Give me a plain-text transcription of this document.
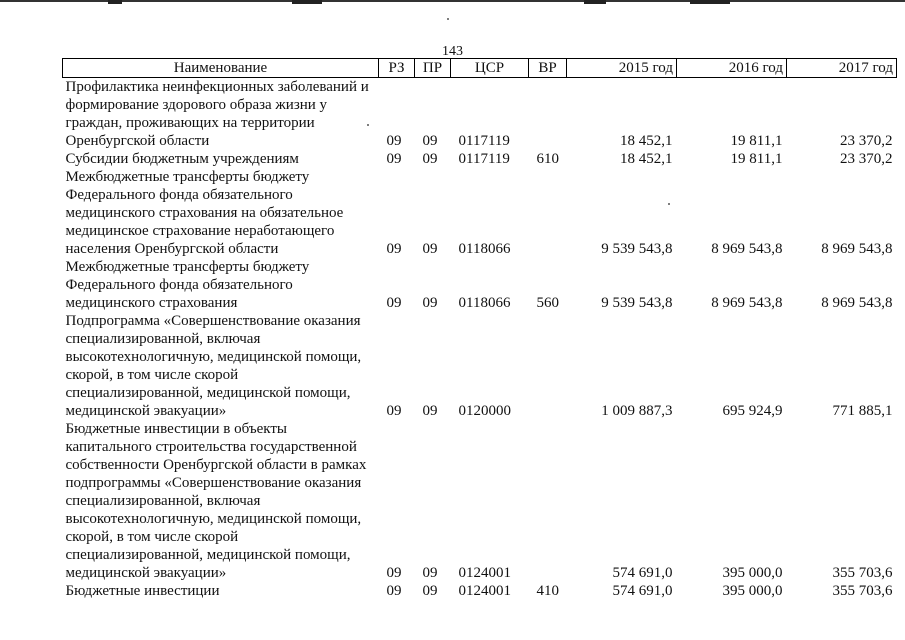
143
Наименование	РЗ	ПР	ЦСР	ВР	2015 год	2016 год	2017 год
Профилактика неинфекционных заболеваний и формирование здорового образа жизни у граждан, проживающих на территории Оренбургской области	09	09	0117119		18 452,1	19 811,1	23 370,2
Субсидии бюджетным учреждениям	09	09	0117119	610	18 452,1	19 811,1	23 370,2
Межбюджетные трансферты бюджету Федерального фонда обязательного медицинского страхования на обязательное медицинское страхование неработающего населения Оренбургской области	09	09	0118066		9 539 543,8	8 969 543,8	8 969 543,8
Межбюджетные трансферты бюджету Федерального фонда обязательного медицинского страхования	09	09	0118066	560	9 539 543,8	8 969 543,8	8 969 543,8
Подпрограмма «Совершенствование оказания специализированной, включая высокотехнологичную, медицинской помощи, скорой, в том числе скорой специализированной, медицинской помощи, медицинской эвакуации»	09	09	0120000		1 009 887,3	695 924,9	771 885,1
Бюджетные инвестиции в объекты капитального строительства государственной собственности Оренбургской области в рамках подпрограммы «Совершенствование оказания специализированной, включая высокотехнологичную, медицинской помощи, скорой, в том числе скорой специализированной, медицинской помощи, медицинской эвакуации»	09	09	0124001		574 691,0	395 000,0	355 703,6
Бюджетные инвестиции	09	09	0124001	410	574 691,0	395 000,0	355 703,6
